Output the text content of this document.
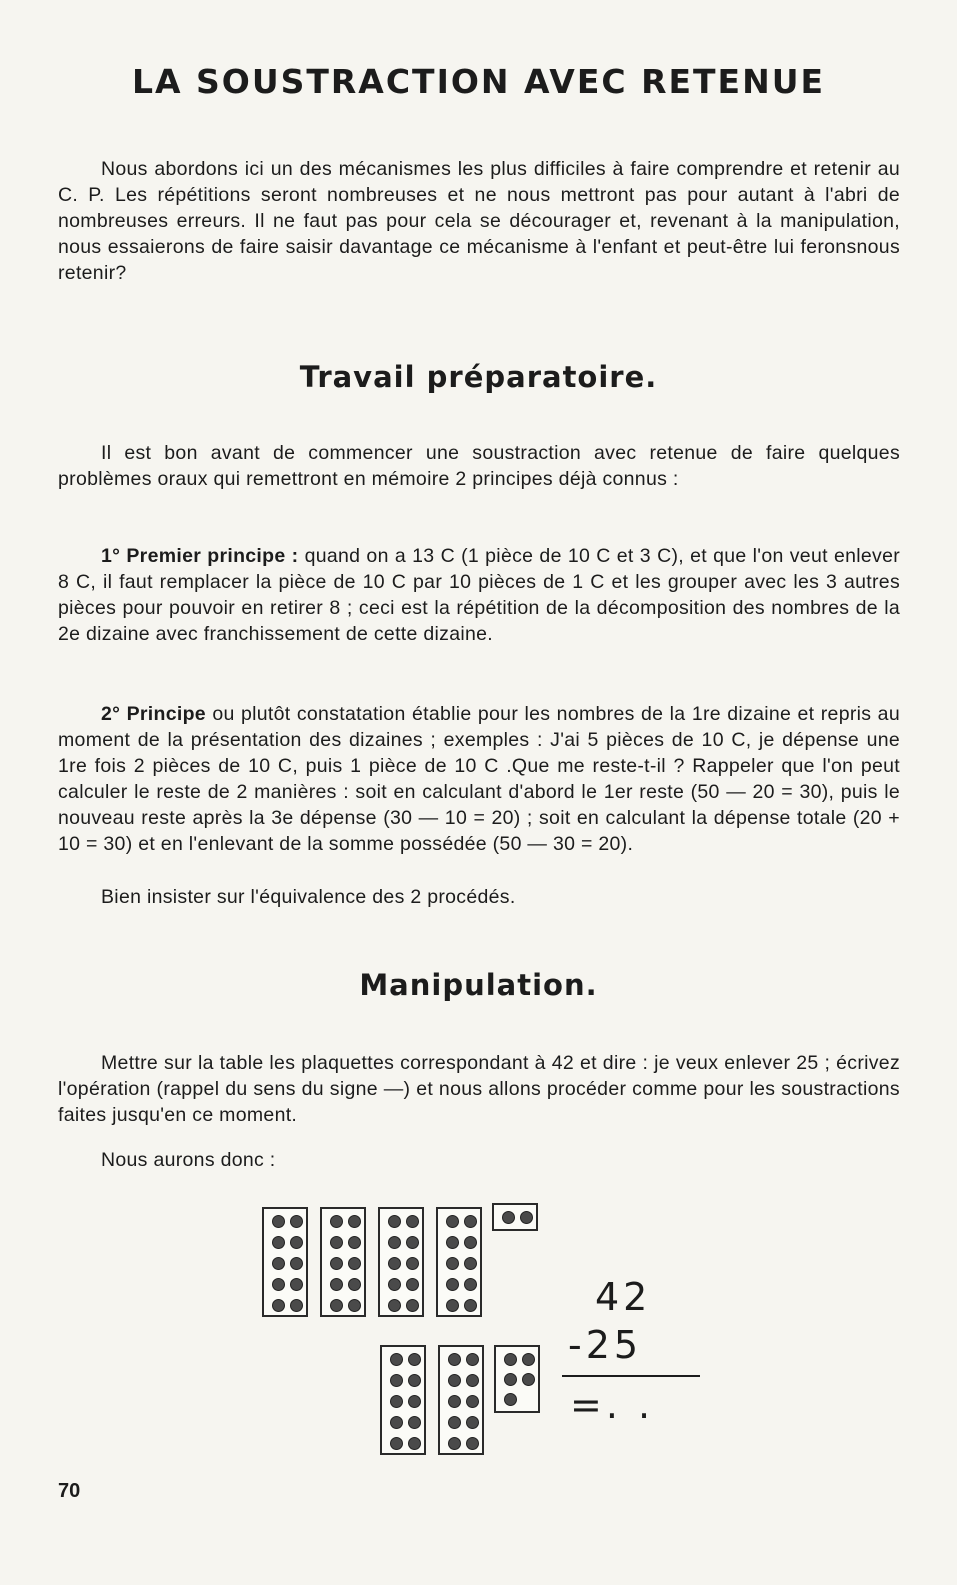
LA SOUSTRACTION AVEC RETENUE

Nous abordons ici un des mécanismes les plus difficiles à faire comprendre et retenir au C. P. Les répétitions seront nombreuses et ne nous mettront pas pour autant à l'abri de nombreuses erreurs. Il ne faut pas pour cela se décourager et, revenant à la manipulation, nous essaierons de faire saisir davantage ce mécanisme à l'enfant et peut-être lui feronsnous retenir?

Travail préparatoire.

Il est bon avant de commencer une soustraction avec retenue de faire quelques problèmes oraux qui remettront en mémoire 2 principes déjà connus :

1° Premier principe : quand on a 13 C (1 pièce de 10 C et 3 C), et que l'on veut enlever 8 C, il faut remplacer la pièce de 10 C par 10 pièces de 1 C et les grouper avec les 3 autres pièces pour pouvoir en retirer 8 ; ceci est la répétition de la décomposition des nombres de la 2e dizaine avec franchissement de cette dizaine.

2° Principe ou plutôt constatation établie pour les nombres de la 1re dizaine et repris au moment de la présentation des dizaines ; exemples : J'ai 5 pièces de 10 C, je dépense une 1re fois 2 pièces de 10 C, puis 1 pièce de 10 C .Que me reste-t-il ? Rappeler que l'on peut calculer le reste de 2 manières : soit en calculant d'abord le 1er reste (50 — 20 = 30), puis le nouveau reste après la 3e dépense (30 — 10 = 20) ; soit en calculant la dépense totale (20 + 10 = 30) et en l'enlevant de la somme possédée (50 — 30 = 20).

Bien insister sur l'équivalence des 2 procédés.

Manipulation.

Mettre sur la table les plaquettes correspondant à 42 et dire : je veux enlever 25 ; écrivez l'opération (rappel du sens du signe —) et nous allons procéder comme pour les soustractions faites jusqu'en ce moment.

Nous aurons donc :

42
-25
=. .
70
